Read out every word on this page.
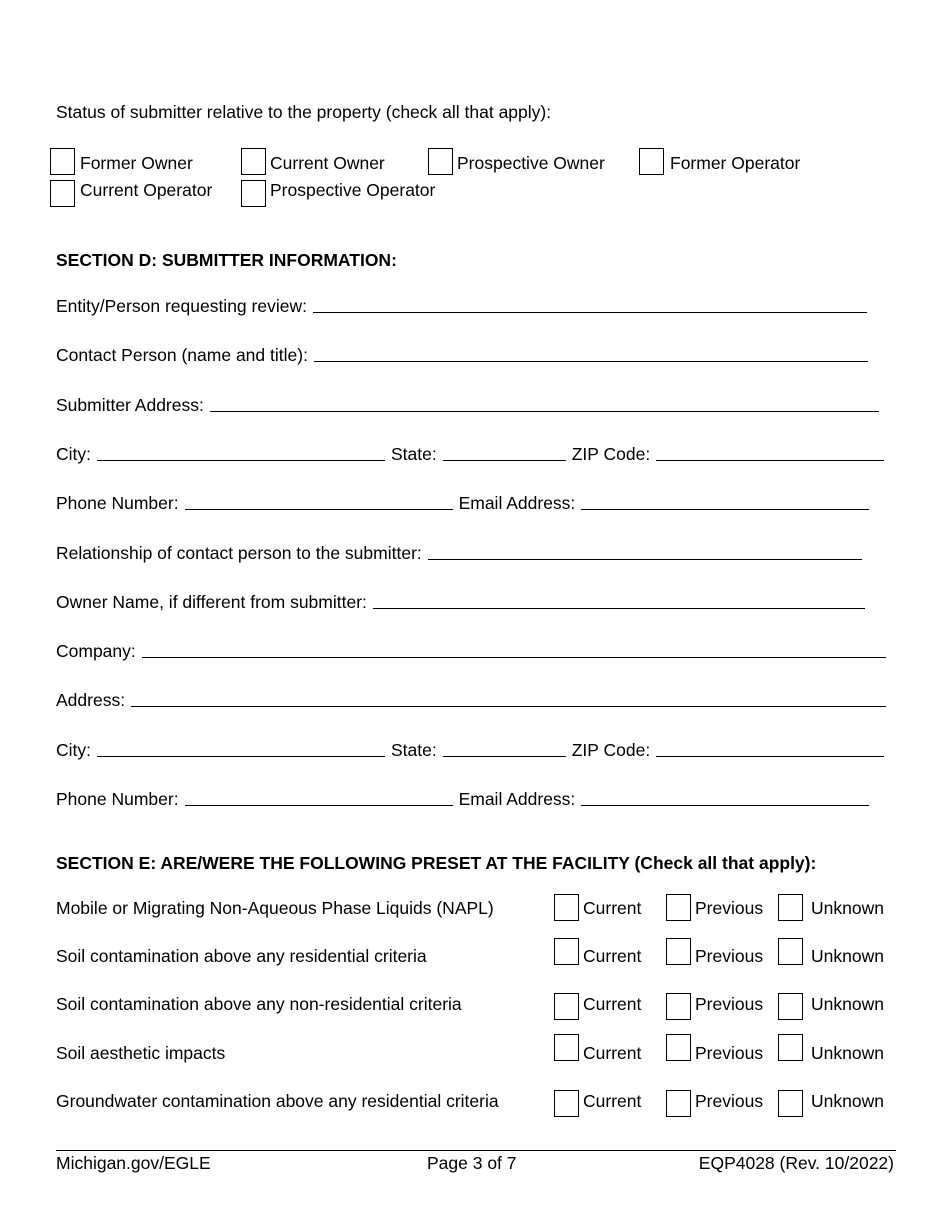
Status of submitter relative to the property (check all that apply):
Former Owner	Current Owner	Prospective Owner	Former Operator
Current Operator	Prospective Operator
SECTION D: SUBMITTER INFORMATION:
Entity/Person requesting review:
Contact Person (name and title):
Submitter Address:
City:	State:	ZIP Code:
Phone Number:	Email Address:
Relationship of contact person to the submitter:
Owner Name, if different from submitter:
Company:
Address:
City:	State:	ZIP Code:
Phone Number:	Email Address:
SECTION E: ARE/WERE THE FOLLOWING PRESET AT THE FACILITY (Check all that apply):
Mobile or Migrating Non-Aqueous Phase Liquids (NAPL)	Current	Previous	Unknown
Soil contamination above any residential criteria	Current	Previous	Unknown
Soil contamination above any non-residential criteria	Current	Previous	Unknown
Soil aesthetic impacts	Current	Previous	Unknown
Groundwater contamination above any residential criteria	Current	Previous	Unknown
Michigan.gov/EGLE	Page 3 of 7	EQP4028 (Rev. 10/2022)
